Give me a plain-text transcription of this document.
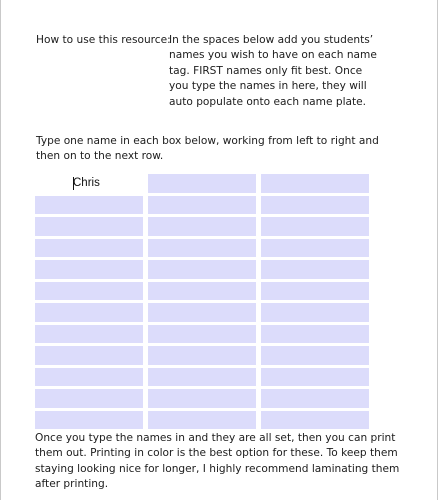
How to use this resource:
In the spaces below add you students’
names you wish to have on each name
tag. FIRST names only fit best. Once
you type the names in here, they will
auto populate onto each name plate.
Type one name in each box below, working from left to right and
then on to the next row.
Chris
Once you type the names in and they are all set, then you can print
them out. Printing in color is the best option for these. To keep them
staying looking nice for longer, I highly recommend laminating them
after printing.
